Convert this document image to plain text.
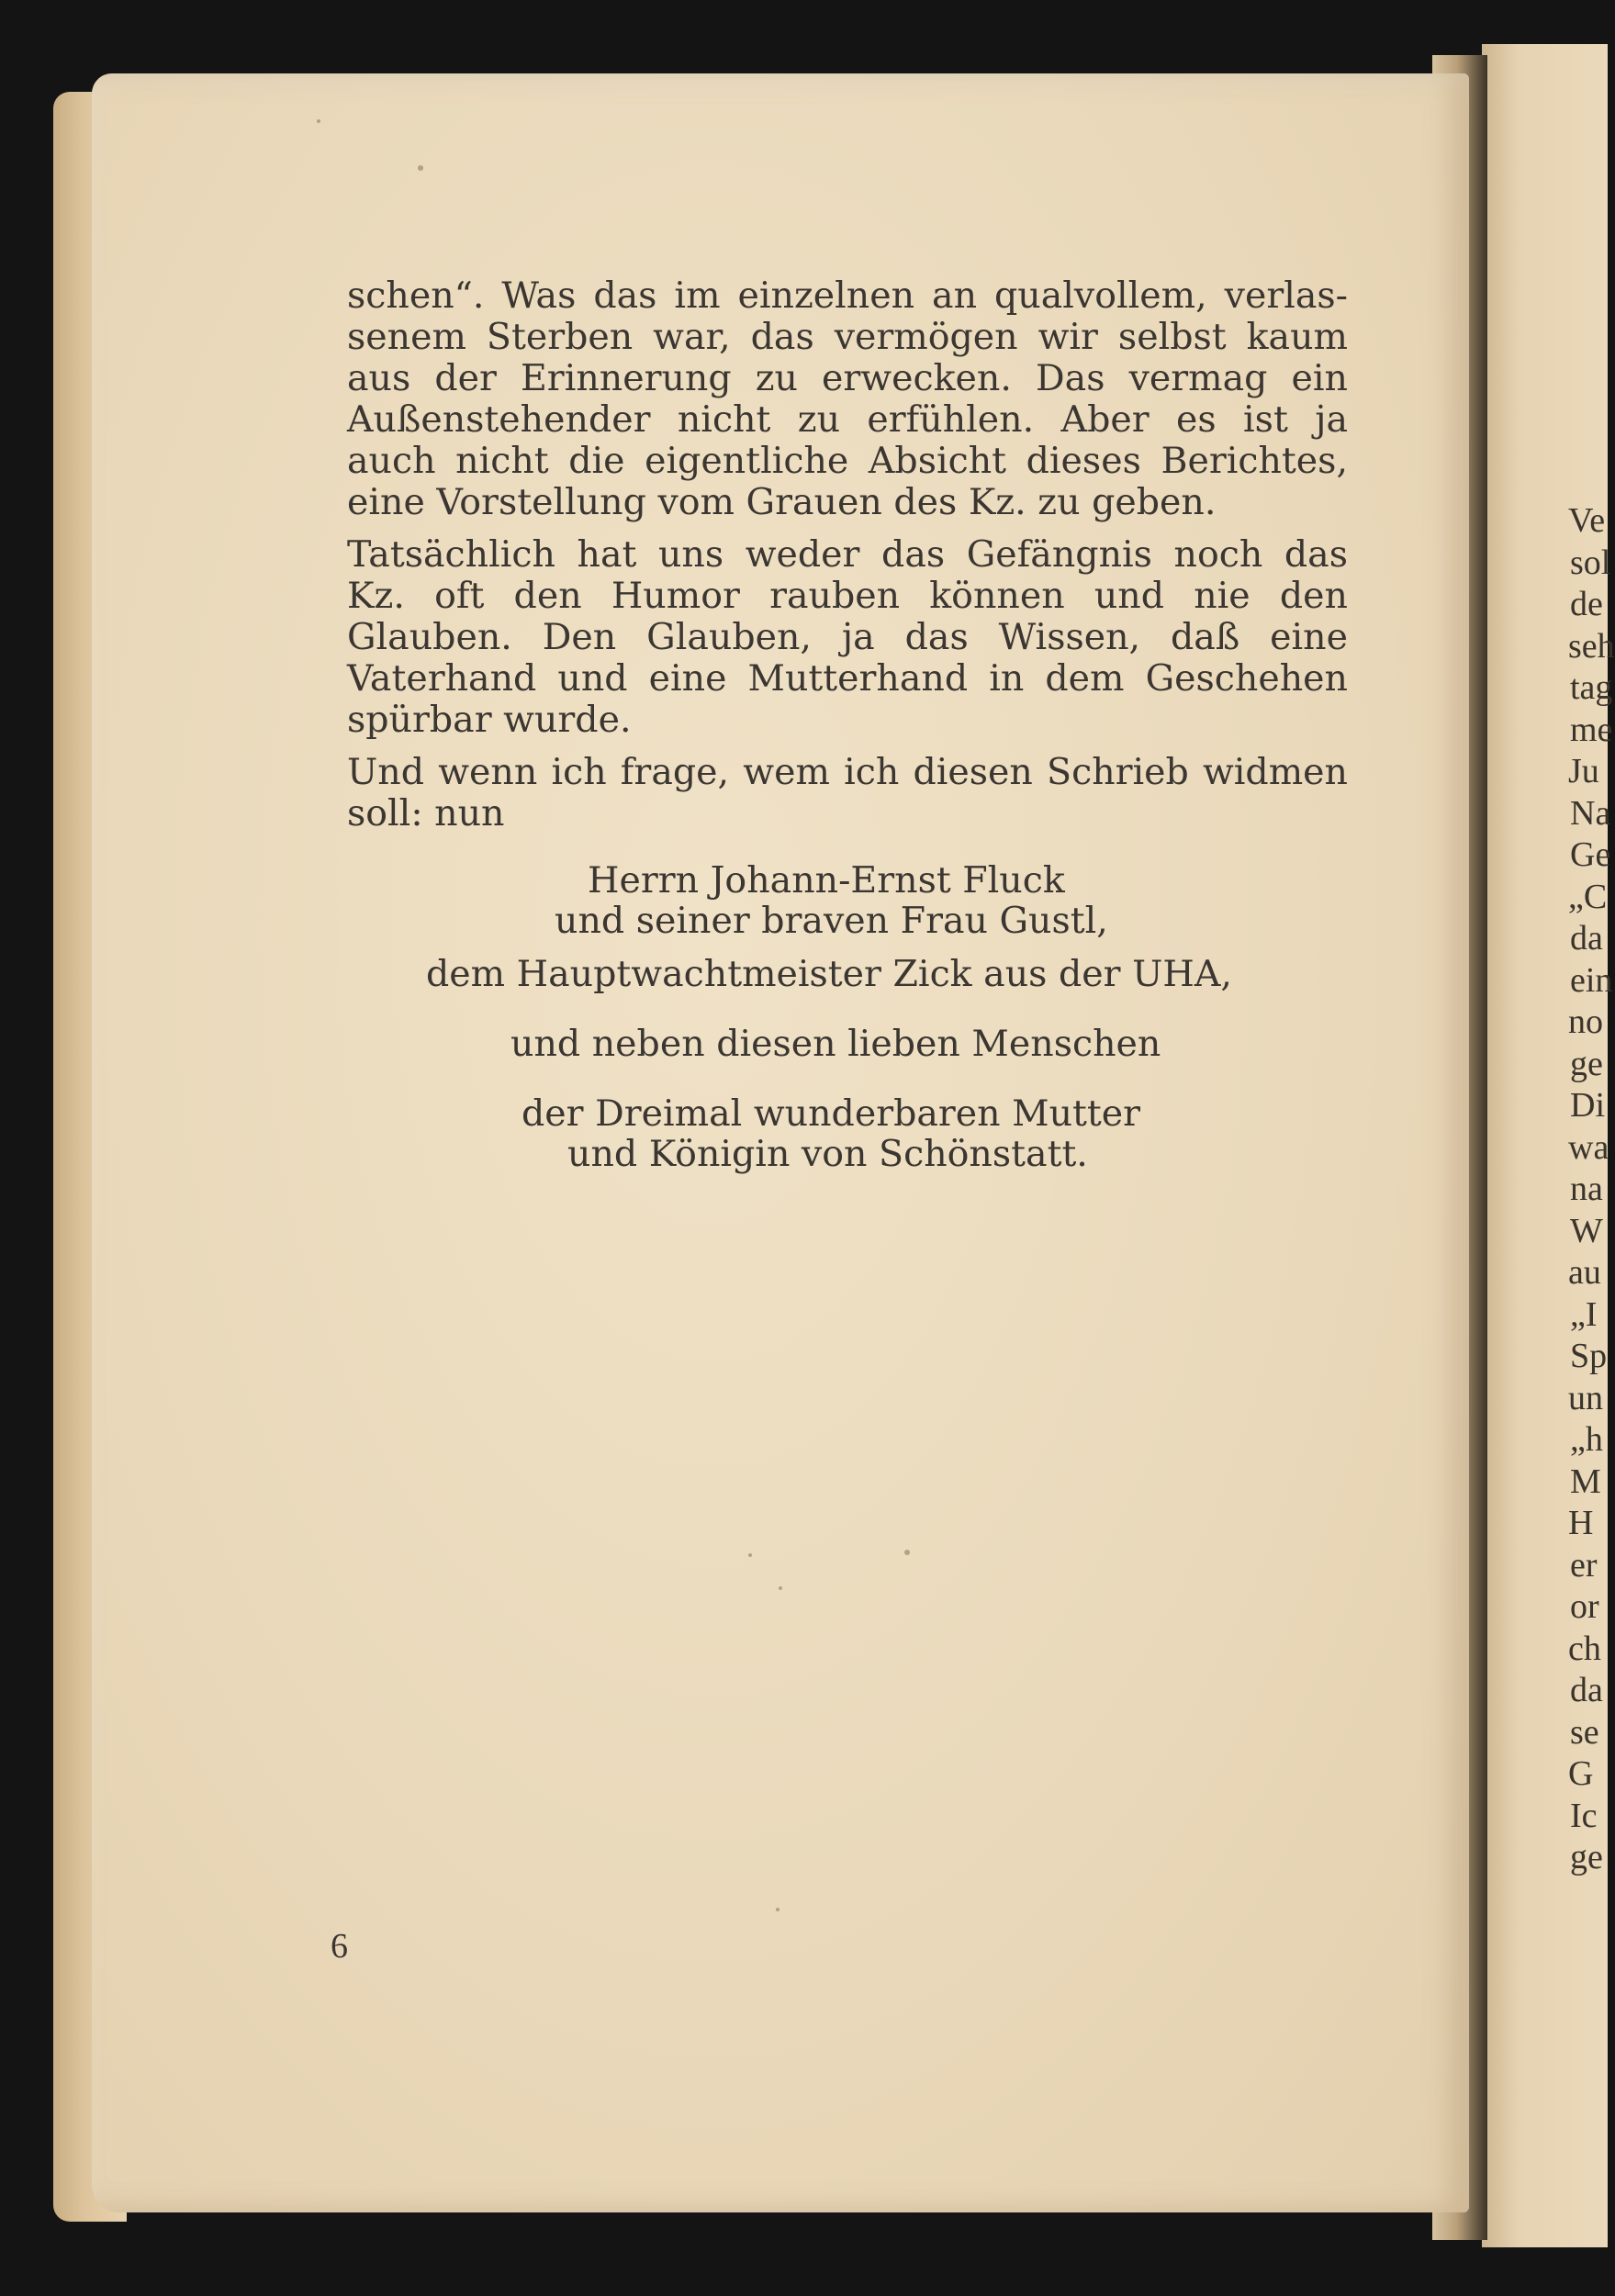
Ve
sol
de
seh
tag
me
Ju
Na
Ge
„C
da
ein
no
ge
Di
wa
na
W
au
„I
Sp
un
„h
M
H
er
or
ch
da
se
G
Ic
ge
schen“. Was das im einzelnen an qualvollem, verlas-
senem Sterben war, das vermögen wir selbst kaum
aus der Erinnerung zu erwecken. Das vermag ein
Außenstehender nicht zu erfühlen. Aber es ist ja
auch nicht die eigentliche Absicht dieses Berichtes,
eine Vorstellung vom Grauen des Kz. zu geben.
Tatsächlich hat uns weder das Gefängnis noch das
Kz. oft den Humor rauben können und nie den
Glauben. Den Glauben, ja das Wissen, daß eine
Vaterhand und eine Mutterhand in dem Geschehen
spürbar wurde.
Und wenn ich frage, wem ich diesen Schrieb widmen
soll: nun
Herrn Johann-Ernst Fluck
und seiner braven Frau Gustl,
dem Hauptwachtmeister Zick aus der UHA,
und neben diesen lieben Menschen
der Dreimal wunderbaren Mutter
und Königin von Schönstatt.
6
